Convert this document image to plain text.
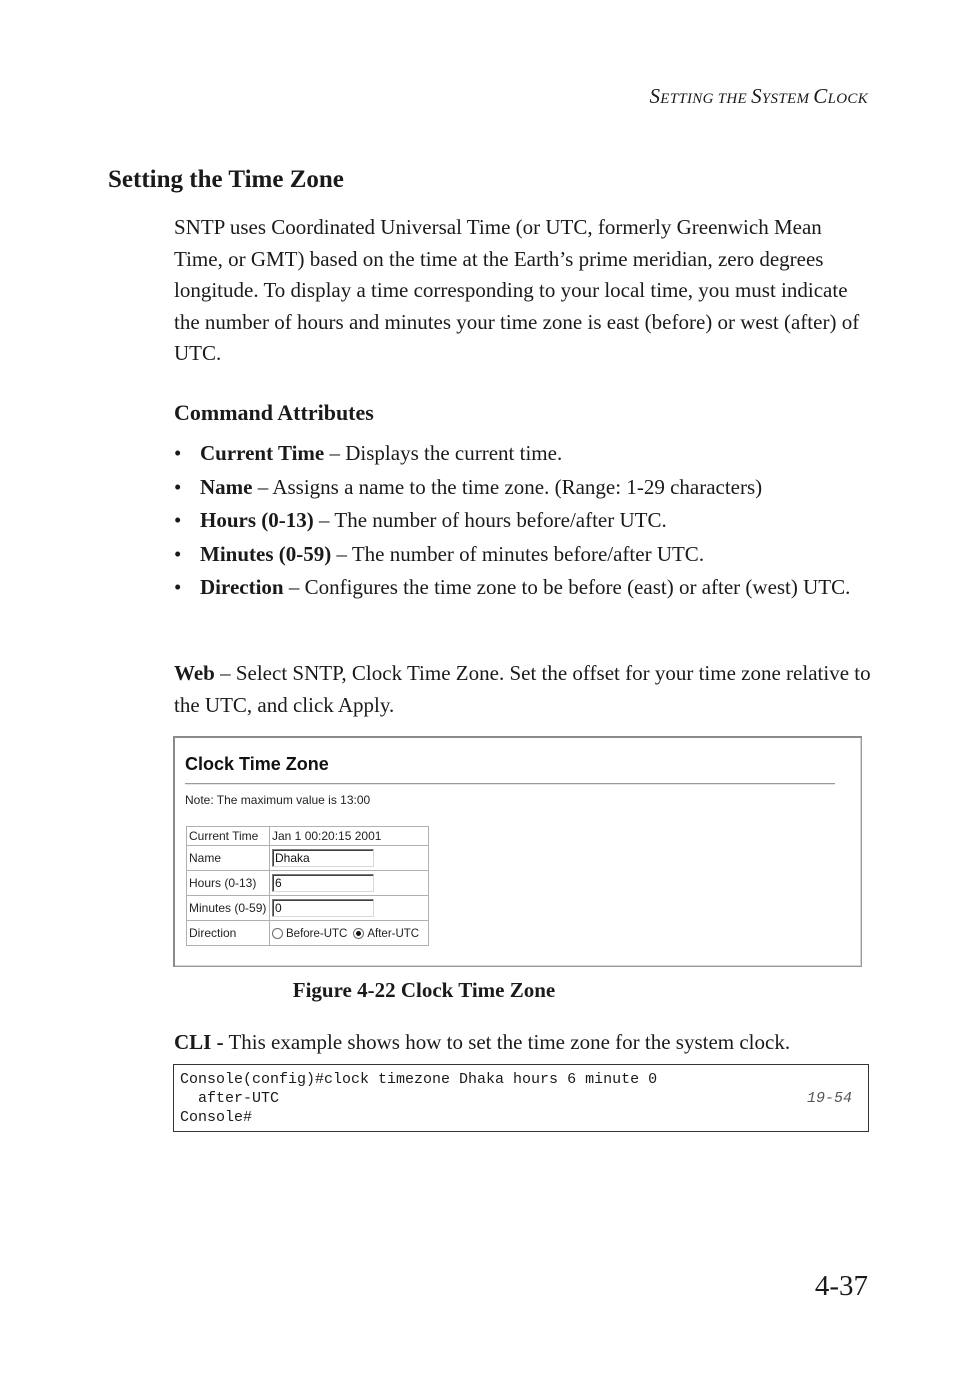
SETTING THE SYSTEM CLOCK
Setting the Time Zone

SNTP uses Coordinated Universal Time (or UTC, formerly Greenwich Mean Time, or GMT) based on the time at the Earth’s prime meridian, zero degrees longitude. To display a time corresponding to your local time, you must indicate the number of hours and minutes your time zone is east (before) or west (after) of UTC.

Command Attributes
• Current Time – Displays the current time.
• Name – Assigns a name to the time zone. (Range: 1-29 characters)
• Hours (0-13) – The number of hours before/after UTC.
• Minutes (0-59) – The number of minutes before/after UTC.
• Direction – Configures the time zone to be before (east) or after (west) UTC.

Web – Select SNTP, Clock Time Zone. Set the offset for your time zone relative to the UTC, and click Apply.

Clock Time Zone
Note: The maximum value is 13:00
Current Time	Jan 1 00:20:15 2001
Name	Dhaka

Hours (0-13)	6

Minutes (0-59)	0

Direction	Before-UTC After-UTC

Figure 4-22 Clock Time Zone

CLI - This example shows how to set the time zone for the system clock.

Console(config)#clock timezone Dhaka hours 6 minute 0
after-UTC	19-54
Console#
4-37
